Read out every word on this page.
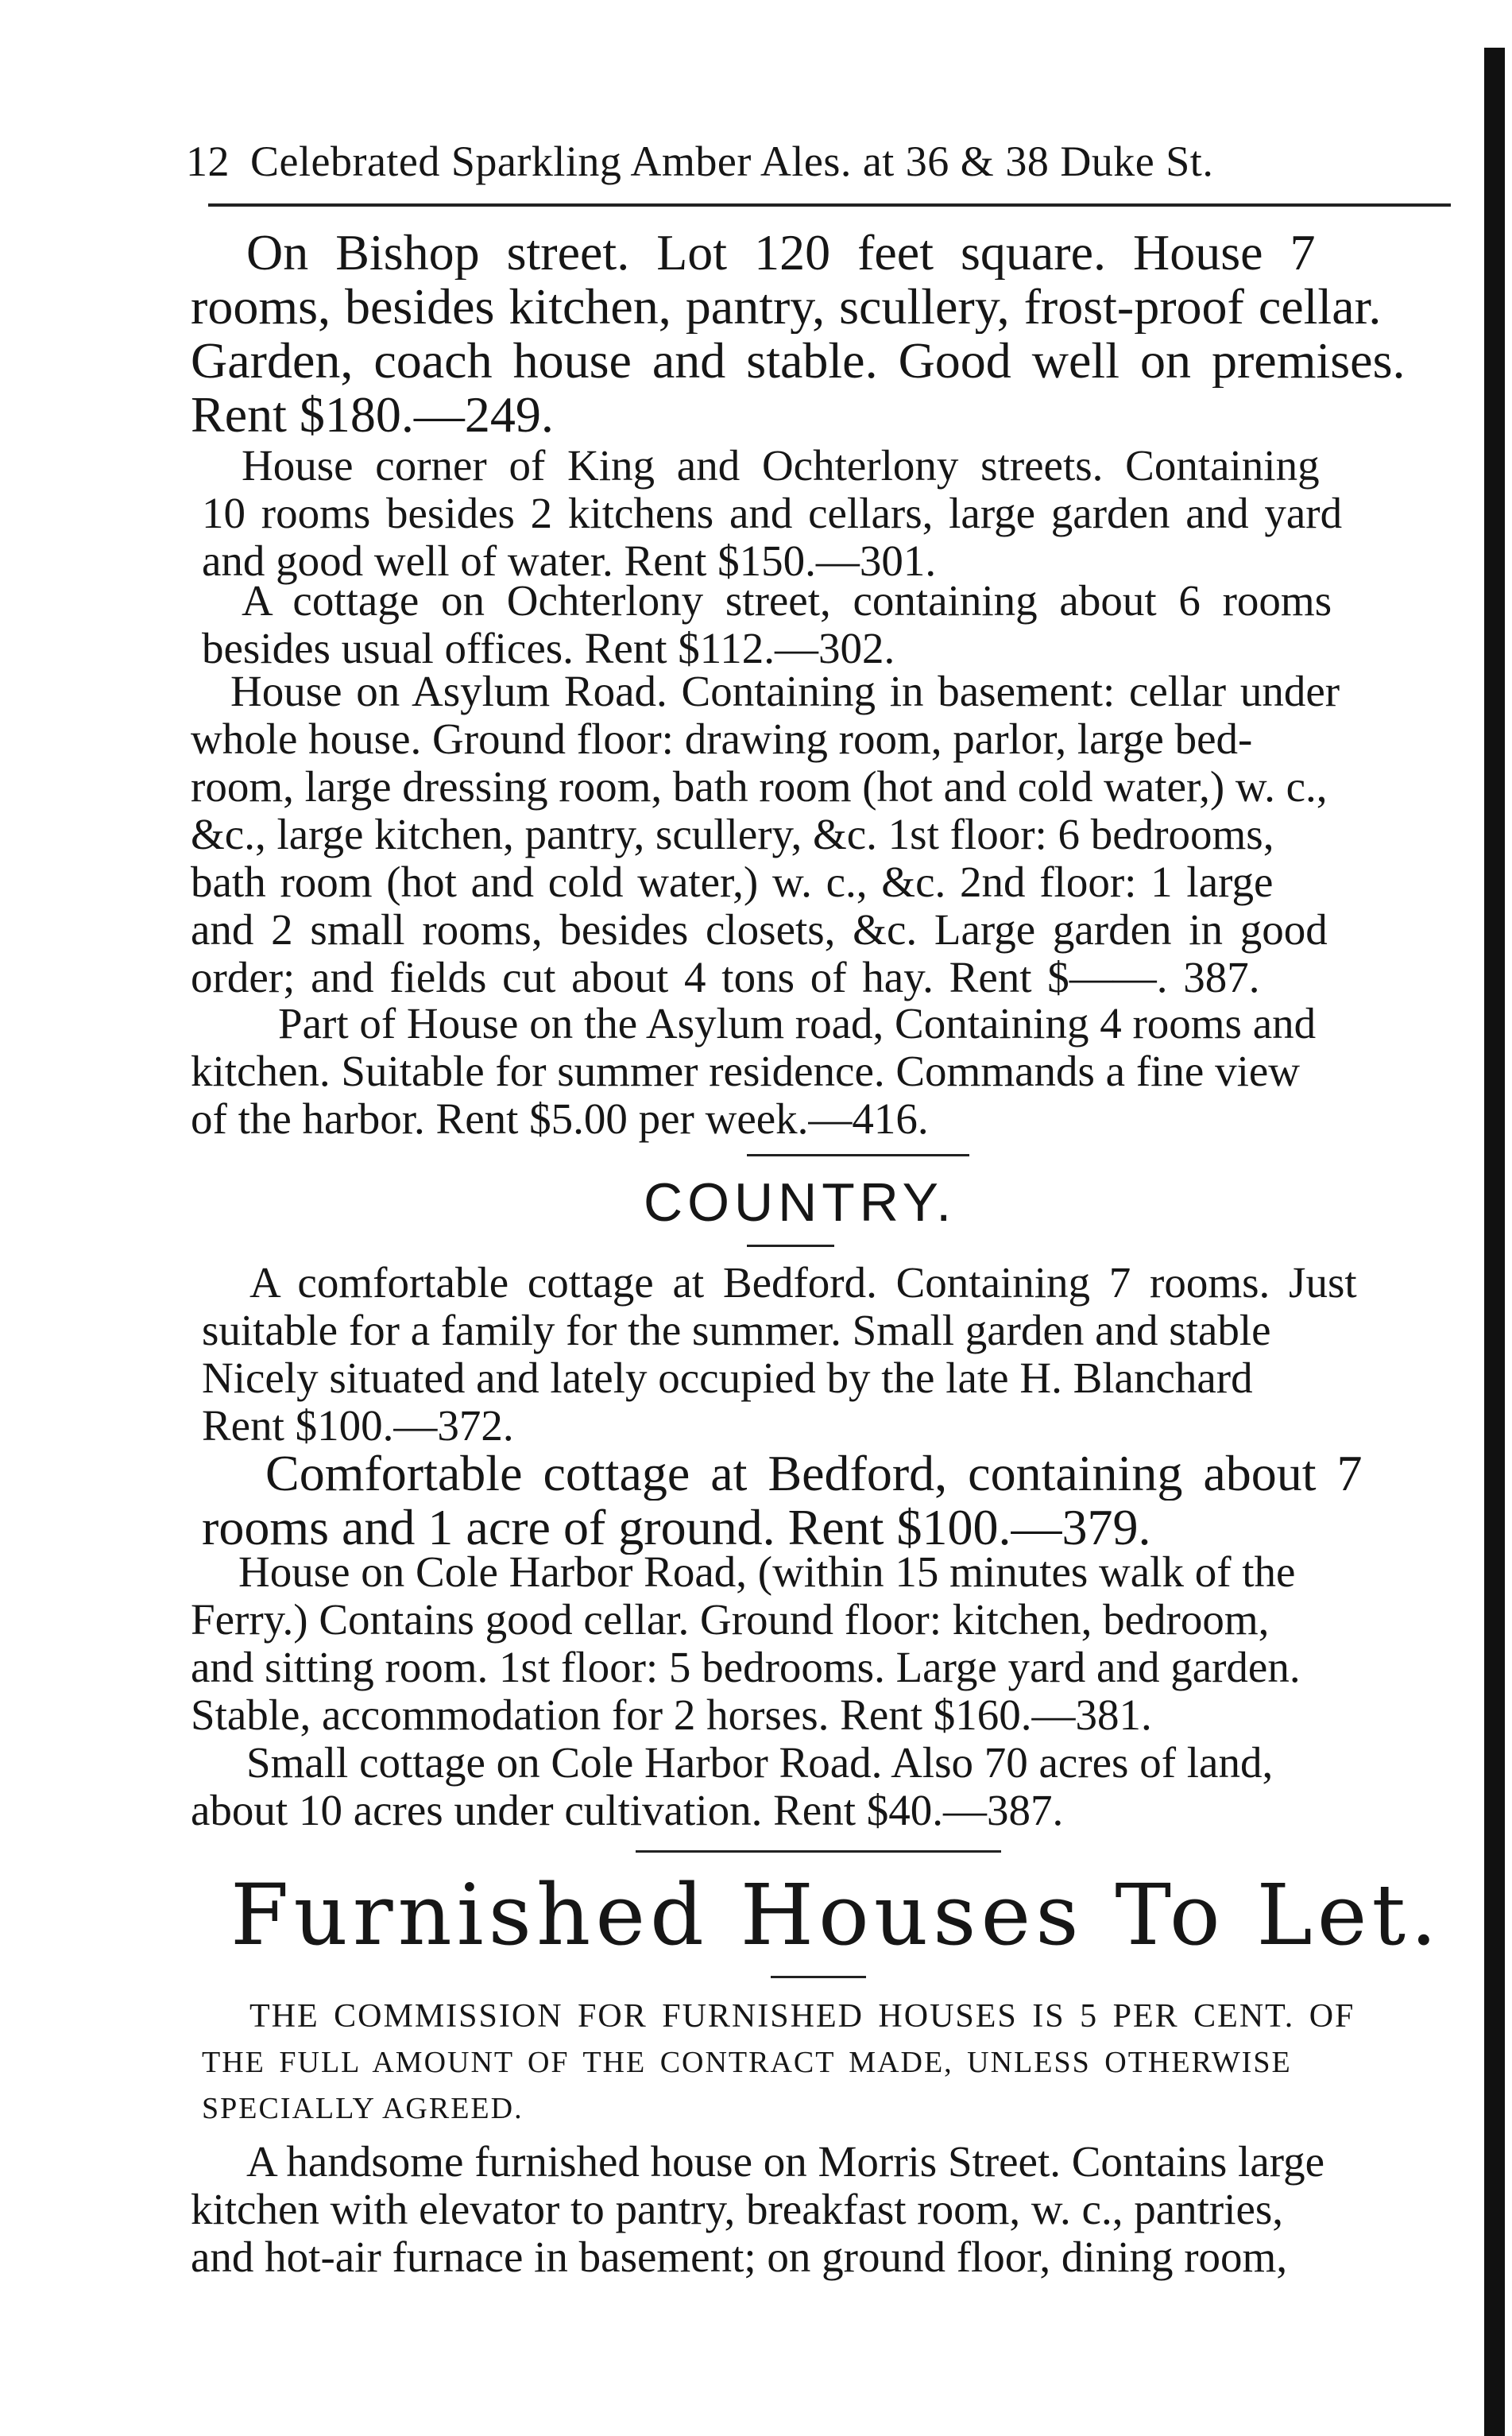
12 Celebrated Sparkling Amber Ales. at 36 & 38 Duke St.
On Bishop street. Lot 120 feet square. House 7
rooms, besides kitchen, pantry, scullery, frost-proof cellar.
Garden, coach house and stable. Good well on premises.
Rent $180.—249.
House corner of King and Ochterlony streets. Containing
10 rooms besides 2 kitchens and cellars, large garden and yard
and good well of water. Rent $150.—301.
A cottage on Ochterlony street, containing about 6 rooms
besides usual offices. Rent $112.—302.
House on Asylum Road. Containing in basement: cellar under
whole house. Ground floor: drawing room, parlor, large bed-
room, large dressing room, bath room (hot and cold water,) w. c.,
&c., large kitchen, pantry, scullery, &c. 1st floor: 6 bedrooms,
bath room (hot and cold water,) w. c., &c. 2nd floor: 1 large
and 2 small rooms, besides closets, &c. Large garden in good
order; and fields cut about 4 tons of hay. Rent $——. 387.
Part of House on the Asylum road, Containing 4 rooms and
kitchen. Suitable for summer residence. Commands a fine view
of the harbor. Rent $5.00 per week.—416.
COUNTRY.
A comfortable cottage at Bedford. Containing 7 rooms. Just
suitable for a family for the summer. Small garden and stable
Nicely situated and lately occupied by the late H. Blanchard
Rent $100.—372.
Comfortable cottage at Bedford, containing about 7
rooms and 1 acre of ground. Rent $100.—379.
House on Cole Harbor Road, (within 15 minutes walk of the
Ferry.) Contains good cellar. Ground floor: kitchen, bedroom,
and sitting room. 1st floor: 5 bedrooms. Large yard and garden.
Stable, accommodation for 2 horses. Rent $160.—381.
Small cottage on Cole Harbor Road. Also 70 acres of land,
about 10 acres under cultivation. Rent $40.—387.
Furnished Houses To Let.
THE COMMISSION FOR FURNISHED HOUSES IS 5 PER CENT. OF
THE FULL AMOUNT OF THE CONTRACT MADE, UNLESS OTHERWISE
SPECIALLY AGREED.
A handsome furnished house on Morris Street. Contains large
kitchen with elevator to pantry, breakfast room, w. c., pantries,
and hot-air furnace in basement; on ground floor, dining room,
